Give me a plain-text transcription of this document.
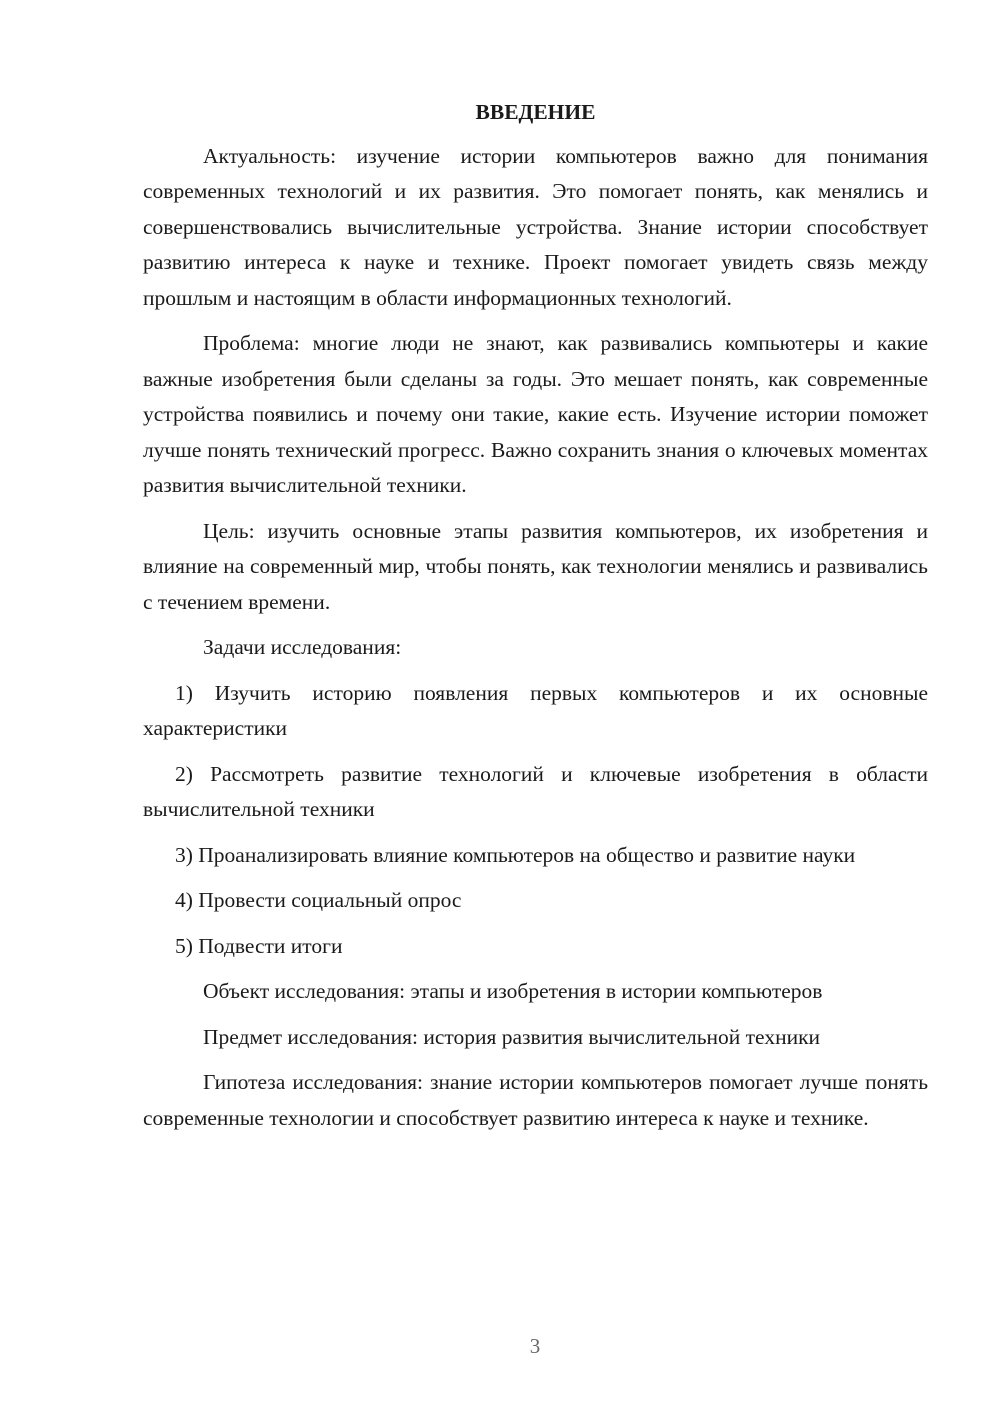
ВВЕДЕНИЕ

Актуальность: изучение истории компьютеров важно для понимания современных технологий и их развития. Это помогает понять, как менялись и совершенствовались вычислительные устройства. Знание истории способствует развитию интереса к науке и технике. Проект помогает увидеть связь между прошлым и настоящим в области информационных технологий.

Проблема: многие люди не знают, как развивались компьютеры и какие важные изобретения были сделаны за годы. Это мешает понять, как современные устройства появились и почему они такие, какие есть. Изучение истории поможет лучше понять технический прогресс. Важно сохранить знания о ключевых моментах развития вычислительной техники.

Цель: изучить основные этапы развития компьютеров, их изобретения и влияние на современный мир, чтобы понять, как технологии менялись и развивались с течением времени.

Задачи исследования:

1) Изучить историю появления первых компьютеров и их основные характеристики

2) Рассмотреть развитие технологий и ключевые изобретения в области вычислительной техники

3) Проанализировать влияние компьютеров на общество и развитие науки

4) Провести социальный опрос

5) Подвести итоги

Объект исследования: этапы и изобретения в истории компьютеров

Предмет исследования: история развития вычислительной техники

Гипотеза исследования: знание истории компьютеров помогает лучше понять современные технологии и способствует развитию интереса к науке и технике.

3
